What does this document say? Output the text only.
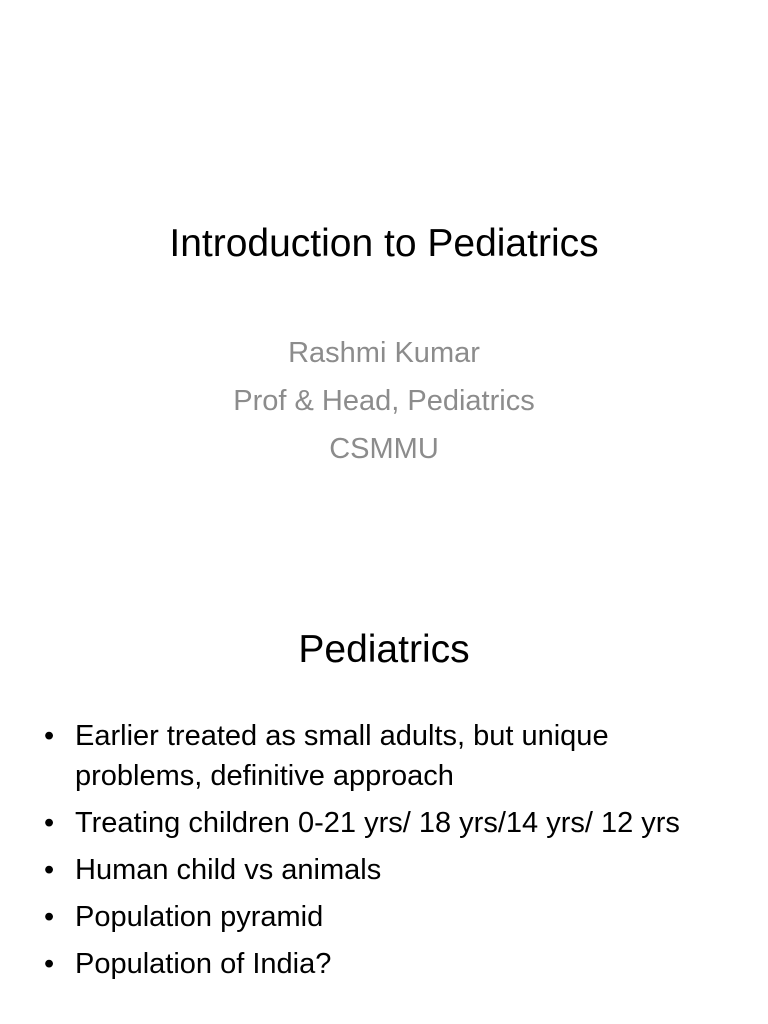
Introduction to Pediatrics
Rashmi Kumar
Prof & Head, Pediatrics
CSMMU
Pediatrics
• Earlier treated as small adults, but unique problems, definitive approach
• Treating children 0-21 yrs/ 18 yrs/14 yrs/ 12 yrs
• Human child vs animals
• Population pyramid
• Population of India?
